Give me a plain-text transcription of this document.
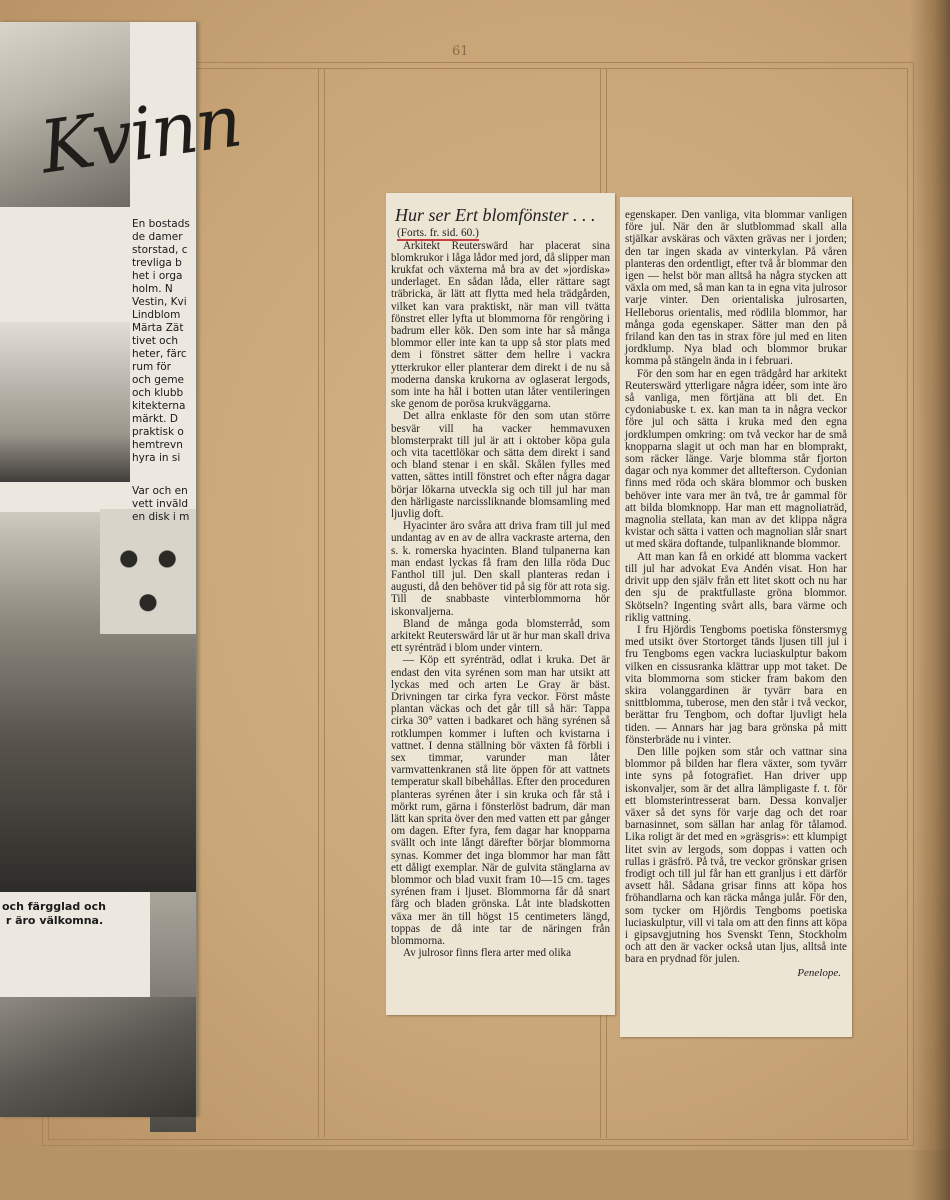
61
Kvinn
En bostads
de damer
storstad, c
trevliga b
het i orga
holm. N
Vestin, Kvi
Lindblom
Märta Zät
tivet och
heter, färc
rum för
och geme
och klubb
kitekterna
märkt. D
praktisk o
hemtrevn
hyra in si
Var och en
vett inväld
en disk i m
och färgglad och
r äro välkomna.
Hur ser Ert blomfönster . . .
(Forts. fr. sid. 60.)

Arkitekt Reuterswärd har placerat sina blomkrukor i låga lådor med jord, då slipper man krukfat och växterna må bra av det »jordiska» underlaget. En sådan låda, eller rättare sagt träbricka, är lätt att flytta med hela trädgården, vilket kan vara praktiskt, när man vill tvätta fönstret eller lyfta ut blommorna för rengöring i badrum eller kök. Den som inte har så många blommor eller inte kan ta upp så stor plats med dem i fönstret sätter dem hellre i vackra ytterkrukor eller planterar dem direkt i de nu så moderna danska krukorna av oglaserat lergods, som inte ha hål i botten utan låter ventileringen ske genom de porösa krukväggarna.

Det allra enklaste för den som utan större besvär vill ha vacker hemmavuxen blomsterprakt till jul är att i oktober köpa gula och vita tacettlökar och sätta dem direkt i sand och bland stenar i en skål. Skålen fylles med vatten, sättes intill fönstret och efter några dagar börjar lökarna utveckla sig och till jul har man den härligaste narcissliknande blomsamling med ljuvlig doft.

Hyacinter äro svåra att driva fram till jul med undantag av en av de allra vackraste arterna, den s. k. romerska hyacinten. Bland tulpanerna kan man endast lyckas få fram den lilla röda Duc Fanthol till jul. Den skall planteras redan i augusti, då den behöver tid på sig för att rota sig. Till de snabbaste vinterblommorna hör iskonvaljerna.

Bland de många goda blomsterråd, som arkitekt Reuterswärd lär ut är hur man skall driva ett syrénträd i blom under vintern.

— Köp ett syrénträd, odlat i kruka. Det är endast den vita syrénen som man har utsikt att lyckas med och arten Le Gray är bäst. Drivningen tar cirka fyra veckor. Först måste plantan väckas och det går till så här: Tappa cirka 30° vatten i badkaret och häng syrénen så rotklumpen kommer i luften och kvistarna i vattnet. I denna ställning bör växten få förbli i sex timmar, varunder man låter varmvattenkranen stå lite öppen för att vattnets temperatur skall bibehållas. Efter den proceduren planteras syrénen åter i sin kruka och får stå i mörkt rum, gärna i fönsterlöst badrum, där man lätt kan sprita över den med vatten ett par gånger om dagen. Efter fyra, fem dagar har knopparna svällt och inte långt därefter börjar blommorna synas. Kommer det inga blommor har man fått ett dåligt exemplar. När de gulvita stänglarna av blommor och blad vuxit fram 10—15 cm. tages syrénen fram i ljuset. Blommorna får då snart färg och bladen grönska. Låt inte bladskotten växa mer än till högst 15 centimeters längd, toppas de då inte tar de näringen från blommorna.

Av julrosor finns flera arter med olika

egenskaper. Den vanliga, vita blommar vanligen före jul. När den är slutblommad skall alla stjälkar avskäras och växten grävas ner i jorden; den tar ingen skada av vinterkylan. På våren planteras den ordentligt, efter två år blommar den igen — helst bör man alltså ha några stycken att växla om med, så man kan ta in egna vita julrosor varje vinter. Den orientaliska julrosarten, Helleborus orientalis, med rödlila blommor, har många goda egenskaper. Sätter man den på friland kan den tas in strax före jul med en liten jordklump. Nya blad och blommor brukar komma på stängeln ända in i februari.

För den som har en egen trädgård har arkitekt Reuterswärd ytterligare några idéer, som inte äro så vanliga, men förtjäna att bli det. En cydoniabuske t. ex. kan man ta in några veckor före jul och sätta i kruka med den egna jordklumpen omkring: om två veckor har de små knopparna slagit ut och man har en blomprakt, som räcker länge. Varje blomma står fjorton dagar och nya kommer det alltefterson. Cydonian finns med röda och skära blommor och busken behöver inte vara mer än två, tre år gammal för att bilda blomknopp. Har man ett magnoliaträd, magnolia stellata, kan man av det klippa några kvistar och sätta i vatten och magnolian slår snart ut med skära doftande, tulpanliknande blommor.

Att man kan få en orkidé att blomma vackert till jul har advokat Eva Andén visat. Hon har drivit upp den själv från ett litet skott och nu har den sju de praktfullaste gröna blommor. Skötseln? Ingenting svårt alls, bara värme och riklig vattning.

I fru Hjördis Tengboms poetiska fönstersmyg med utsikt över Stortorget tänds ljusen till jul i fru Tengboms egen vackra luciaskulptur bakom vilken en cissusranka klättrar upp mot taket. De vita blommorna som sticker fram bakom den skira volanggardinen är tyvärr bara en snittblomma, tuberose, men den står i två veckor, berättar fru Tengbom, och doftar ljuvligt hela tiden. — Annars har jag bara grönska på mitt fönsterbräde nu i vinter.

Den lille pojken som står och vattnar sina blommor på bilden har flera växter, som tyvärr inte syns på fotografiet. Han driver upp iskonvaljer, som är det allra lämpligaste f. t. för ett blomsterintresserat barn. Dessa konvaljer växer så det syns för varje dag och det roar barnasinnet, som sällan har anlag för tålamod. Lika roligt är det med en »gräsgris»: ett klumpigt litet svin av lergods, som doppas i vatten och rullas i gräsfrö. På två, tre veckor grönskar grisen frodigt och till jul får han ett granljus i ett därför avsett hål. Sådana grisar finns att köpa hos fröhandlarna och kan räcka många julår. För den, som tycker om Hjördis Tengboms poetiska luciaskulptur, vill vi tala om att den finns att köpa i gipsavgjutning hos Svenskt Tenn, Stockholm och att den är vacker också utan ljus, alltså inte bara en prydnad för julen.

Penelope.
